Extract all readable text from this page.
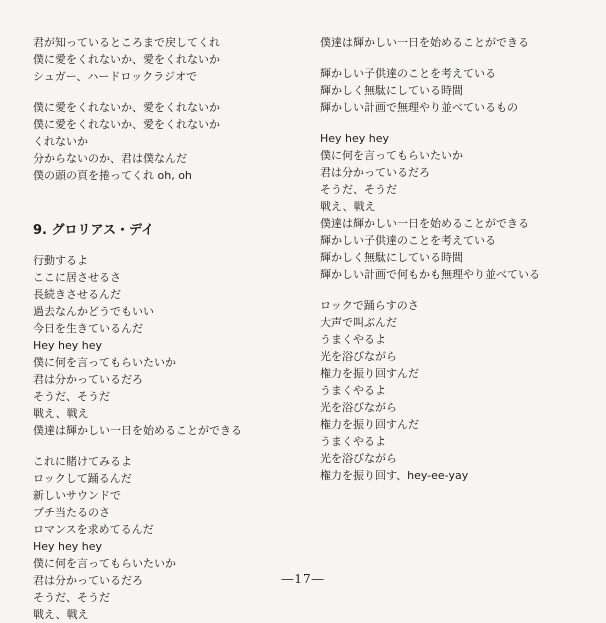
君が知っているところまで戻してくれ
僕に愛をくれないか、愛をくれないか
シュガー、ハードロックラジオで
僕に愛をくれないか、愛をくれないか
僕に愛をくれないか、愛をくれないか
くれないか
分からないのか、君は僕なんだ
僕の頭の頁を捲ってくれ oh, oh
9. グロリアス・デイ
行動するよ
ここに居させるさ
長続きさせるんだ
過去なんかどうでもいい
今日を生きているんだ
Hey hey hey
僕に何を言ってもらいたいか
君は分かっているだろ
そうだ、そうだ
戦え、戦え
僕達は輝かしい一日を始めることができる
これに賭けてみるよ
ロックして踊るんだ
新しいサウンドで
ブチ当たるのさ
ロマンスを求めてるんだ
Hey hey hey
僕に何を言ってもらいたいか
君は分かっているだろ
そうだ、そうだ
戦え、戦え
僕達は輝かしい一日を始めることができる
輝かしい子供達のことを考えている
輝かしく無駄にしている時間
輝かしい計画で無理やり並べているもの
Hey hey hey
僕に何を言ってもらいたいか
君は分かっているだろ
そうだ、そうだ
戦え、戦え
僕達は輝かしい一日を始めることができる
輝かしい子供達のことを考えている
輝かしく無駄にしている時間
輝かしい計画で何もかも無理やり並べている
ロックで踊らすのさ
大声で叫ぶんだ
うまくやるよ
光を浴びながら
権力を振り回すんだ
うまくやるよ
光を浴びながら
権力を振り回すんだ
うまくやるよ
光を浴びながら
権力を振り回す、hey-ee-yay
―17―
